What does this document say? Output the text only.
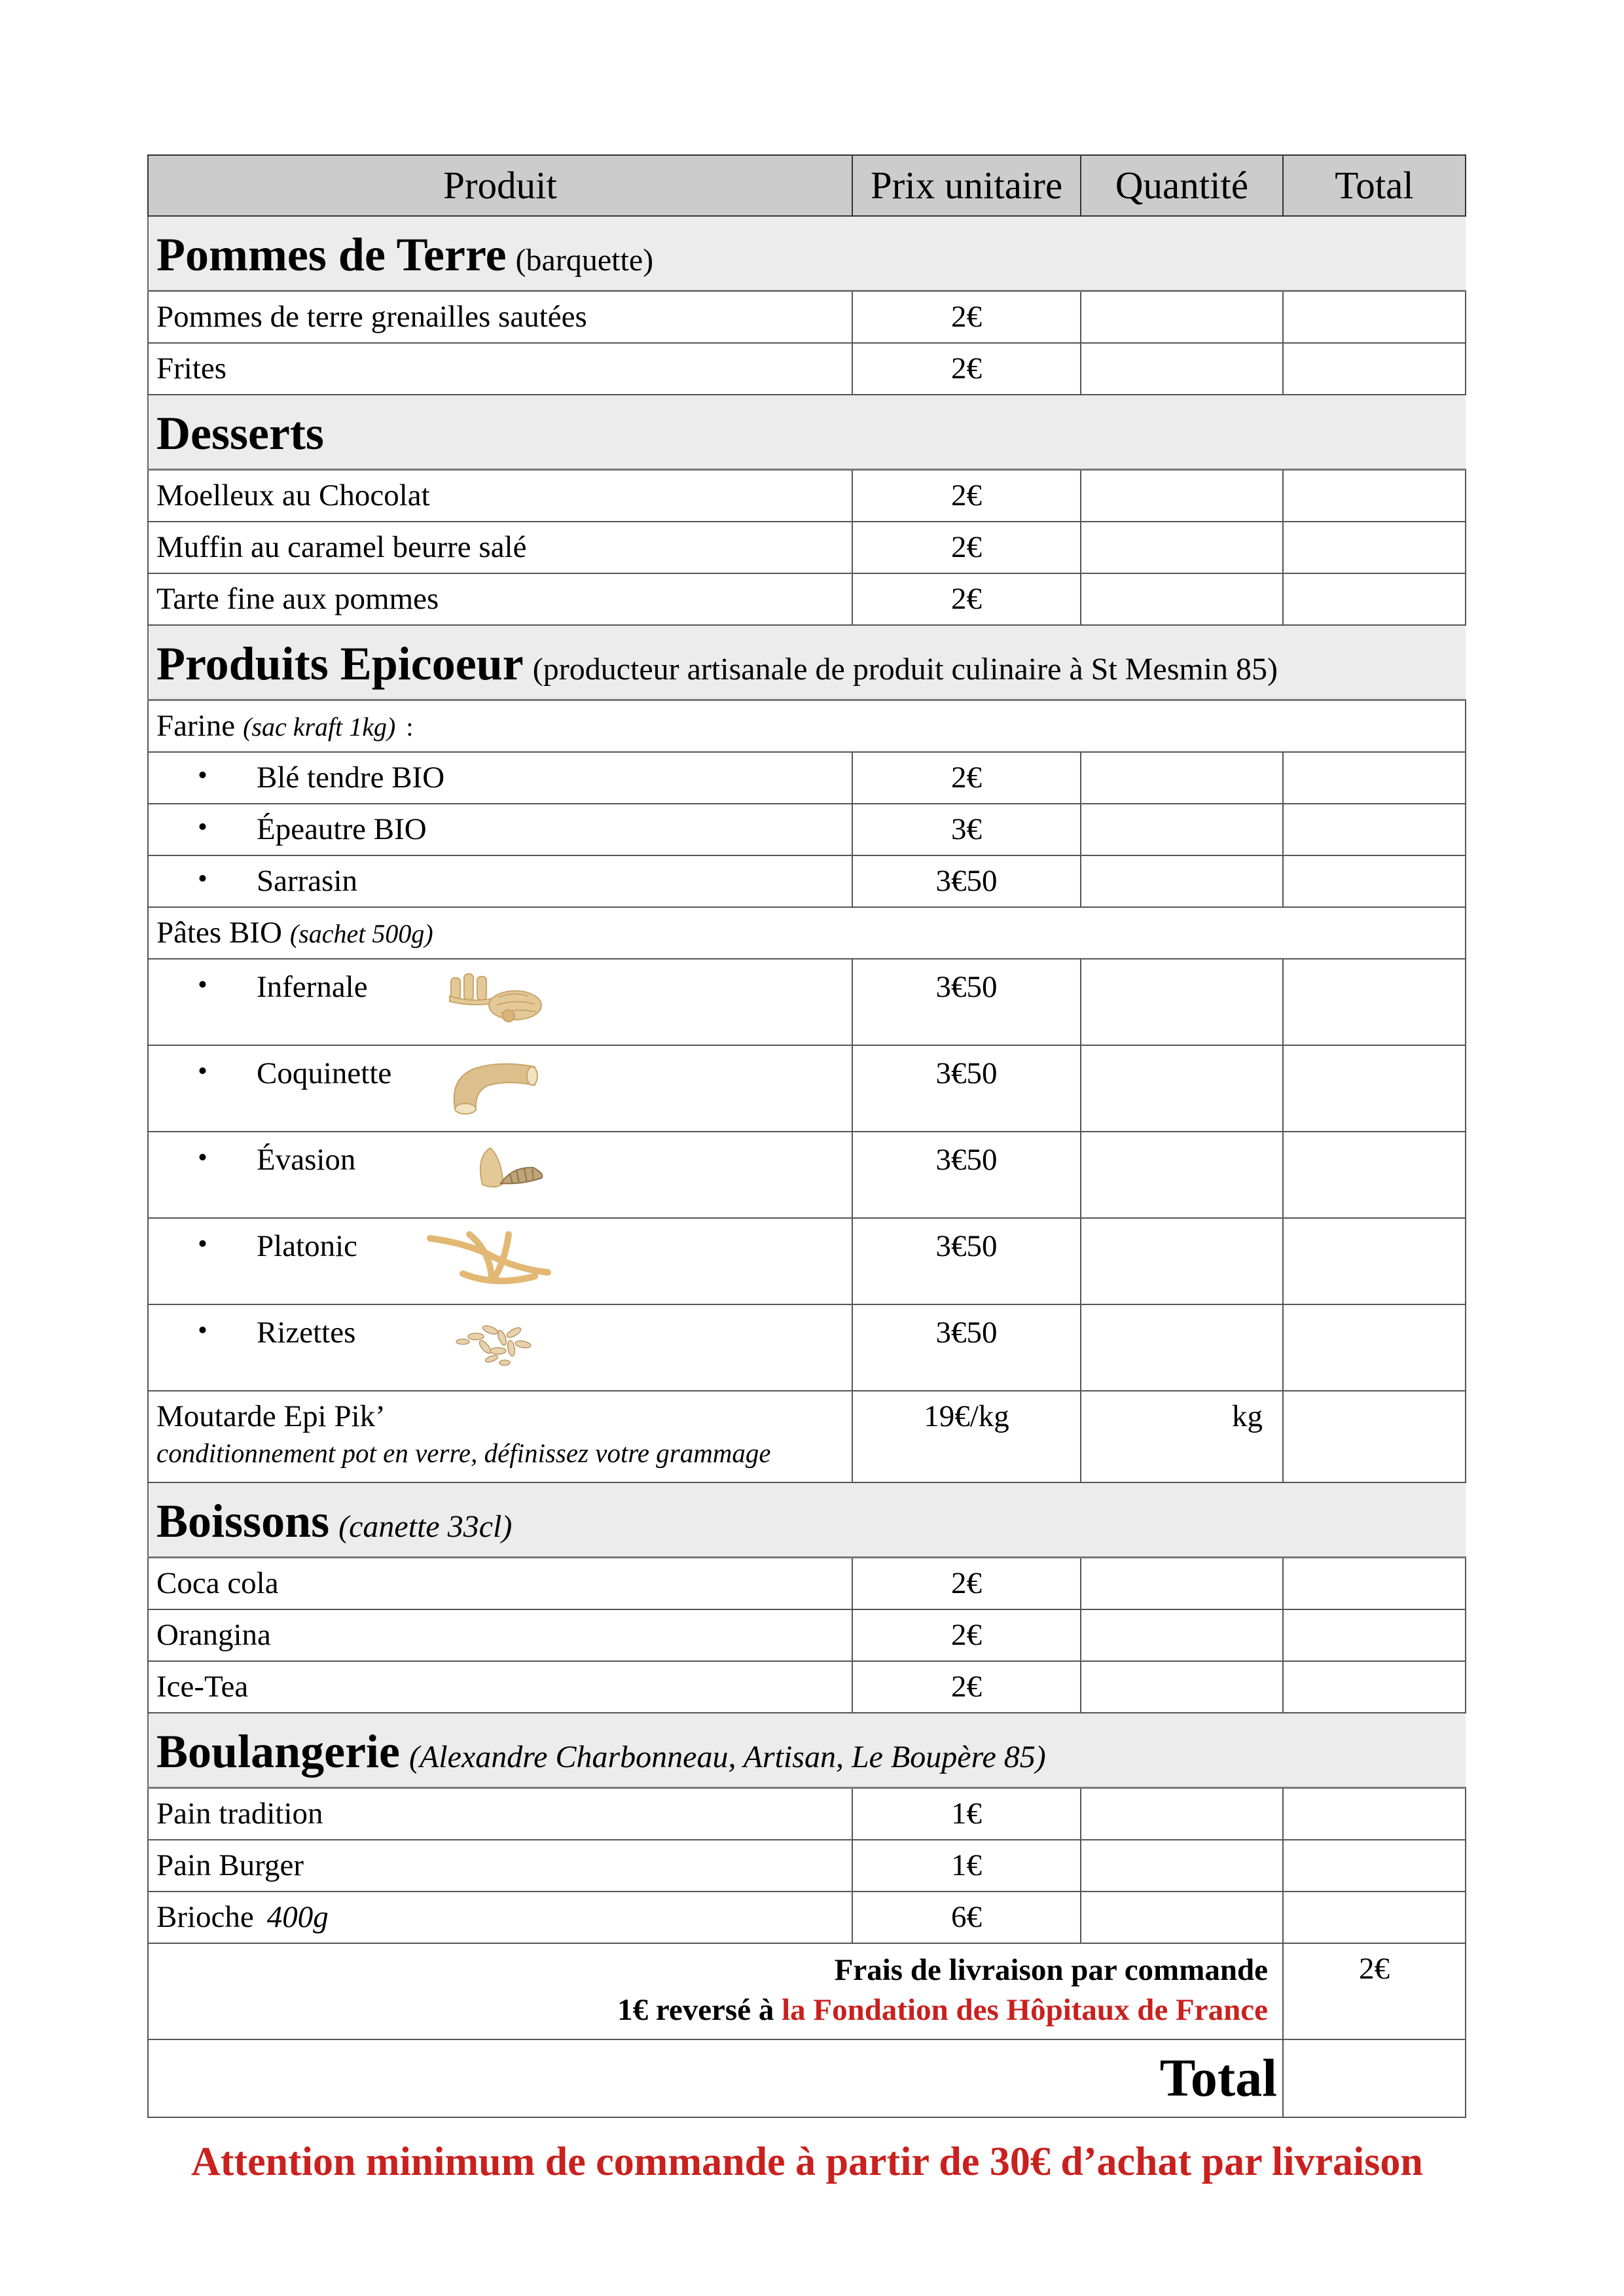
Produit	Prix unitaire	Quantité	Total
Pommes de Terre (barquette)			
Pommes de terre grenailles sautées	2€		
Frites	2€		
Desserts			
Moelleux au Chocolat	2€		
Muffin au caramel beurre salé	2€		
Tarte fine aux pommes	2€		
Produits Epicoeur (producteur artisanale de produit culinaire à St Mesmin 85)			
Farine (sac kraft 1kg) :			
• Blé tendre BIO	2€		
• Épeautre BIO	3€		
• Sarrasin	3€50		
Pâtes BIO (sachet 500g)			
• Infernale	3€50		
• Coquinette	3€50		
• Évasion	3€50		
• Platonic	3€50		
• Rizettes	3€50		

Moutarde Epi Pik’
conditionnement pot en verre, définissez votre grammage	19€/kg	kg	
Boissons (canette 33cl)			
Coca cola	2€		
Orangina	2€		
Ice-Tea	2€		
Boulangerie (Alexandre Charbonneau, Artisan, Le Boupère 85)			
Pain tradition	1€		
Pain Burger	1€		
Brioche 400g	6€		

Frais de livraison par commande
1€ reversé à la Fondation des Hôpitaux de France			2€
Total			
Attention minimum de commande à partir de 30€ d’achat par livraison
